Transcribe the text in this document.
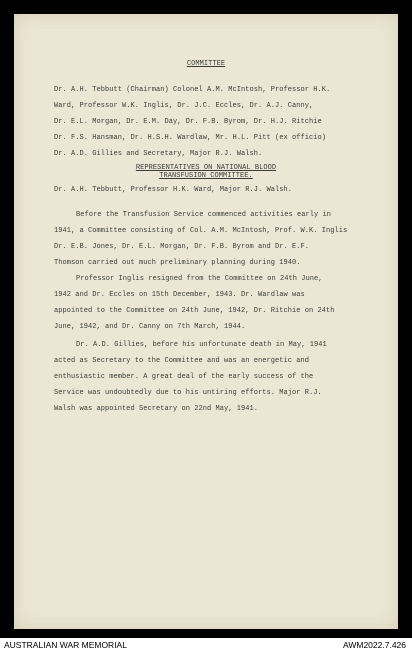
COMMITTEE
Dr. A.H. Tebbutt (Chairman) Colonel A.M. McIntosh, Professor H.K.
Ward, Professor W.K. Inglis, Dr. J.C. Eccles, Dr. A.J. Canny,
Dr. E.L. Morgan, Dr. E.M. Day, Dr. F.B. Byrom, Dr. H.J. Ritchie
Dr. F.S. Hansman, Dr. H.S.H. Wardlaw, Mr. H.L. Pitt (ex officio)
Dr. A.D. Gillies and Secretary, Major R.J. Walsh.
REPRESENTATIVES ON NATIONAL BLOOD
TRANSFUSION COMMITTEE.
Dr. A.H. Tebbutt, Professor H.K. Ward, Major R.J. Walsh.
Before the Transfusion Service commenced activities early in
1941, a Committee consisting of Col. A.M. McIntosh, Prof. W.K. Inglis
Dr. E.B. Jones, Dr. E.L. Morgan, Dr. F.B. Byrom and Dr. E.F.
Thomson carried out much preliminary planning during 1940.
Professor Inglis resigned from the Committee on 24th June,
1942 and Dr. Eccles on 15th December, 1943. Dr. Wardlaw was
appointed to the Committee on 24th June, 1942, Dr. Ritchie on 24th
June, 1942, and Dr. Canny on 7th March, 1944.
Dr. A.D. Gillies, before his unfortunate death in May, 1941
acted as Secretary to the Committee and was an energetic and
enthusiastic member. A great deal of the early success of the
Service was undoubtedly due to his untiring efforts. Major R.J.
Walsh was appointed Secretary on 22nd May, 1941.
AUSTRALIAN WAR MEMORIAL	AWM2022.7.426
